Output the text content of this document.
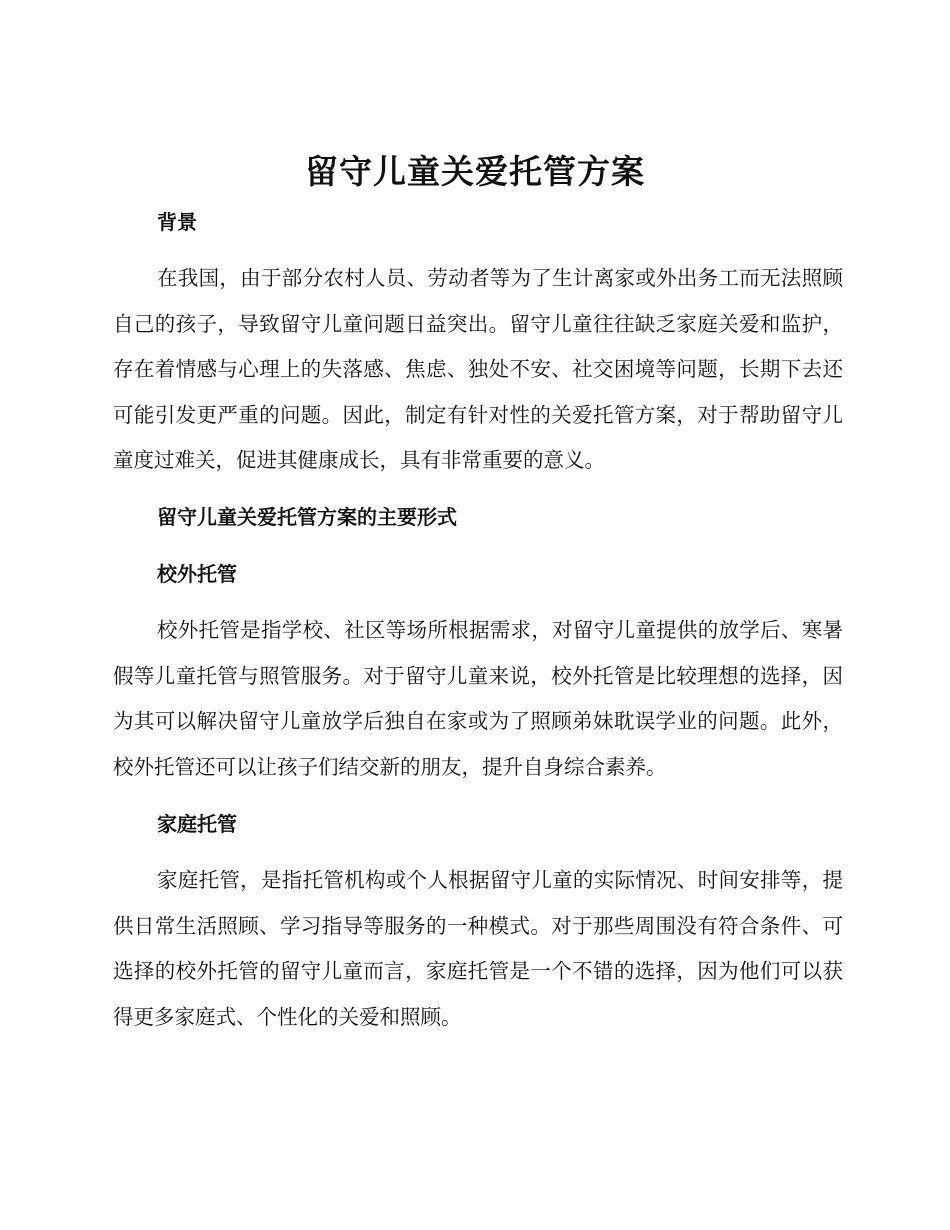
留守儿童关爱托管方案
背景

在我国，由于部分农村人员、劳动者等为了生计离家或外出务工而无法照顾自己的孩子，导致留守儿童问题日益突出。留守儿童往往缺乏家庭关爱和监护，存在着情感与心理上的失落感、焦虑、独处不安、社交困境等问题，长期下去还可能引发更严重的问题。因此，制定有针对性的关爱托管方案，对于帮助留守儿童度过难关，促进其健康成长，具有非常重要的意义。

留守儿童关爱托管方案的主要形式
校外托管

校外托管是指学校、社区等场所根据需求，对留守儿童提供的放学后、寒暑假等儿童托管与照管服务。对于留守儿童来说，校外托管是比较理想的选择，因为其可以解决留守儿童放学后独自在家或为了照顾弟妹耽误学业的问题。此外，校外托管还可以让孩子们结交新的朋友，提升自身综合素养。

家庭托管

家庭托管，是指托管机构或个人根据留守儿童的实际情况、时间安排等，提供日常生活照顾、学习指导等服务的一种模式。对于那些周围没有符合条件、可选择的校外托管的留守儿童而言，家庭托管是一个不错的选择，因为他们可以获得更多家庭式、个性化的关爱和照顾。
